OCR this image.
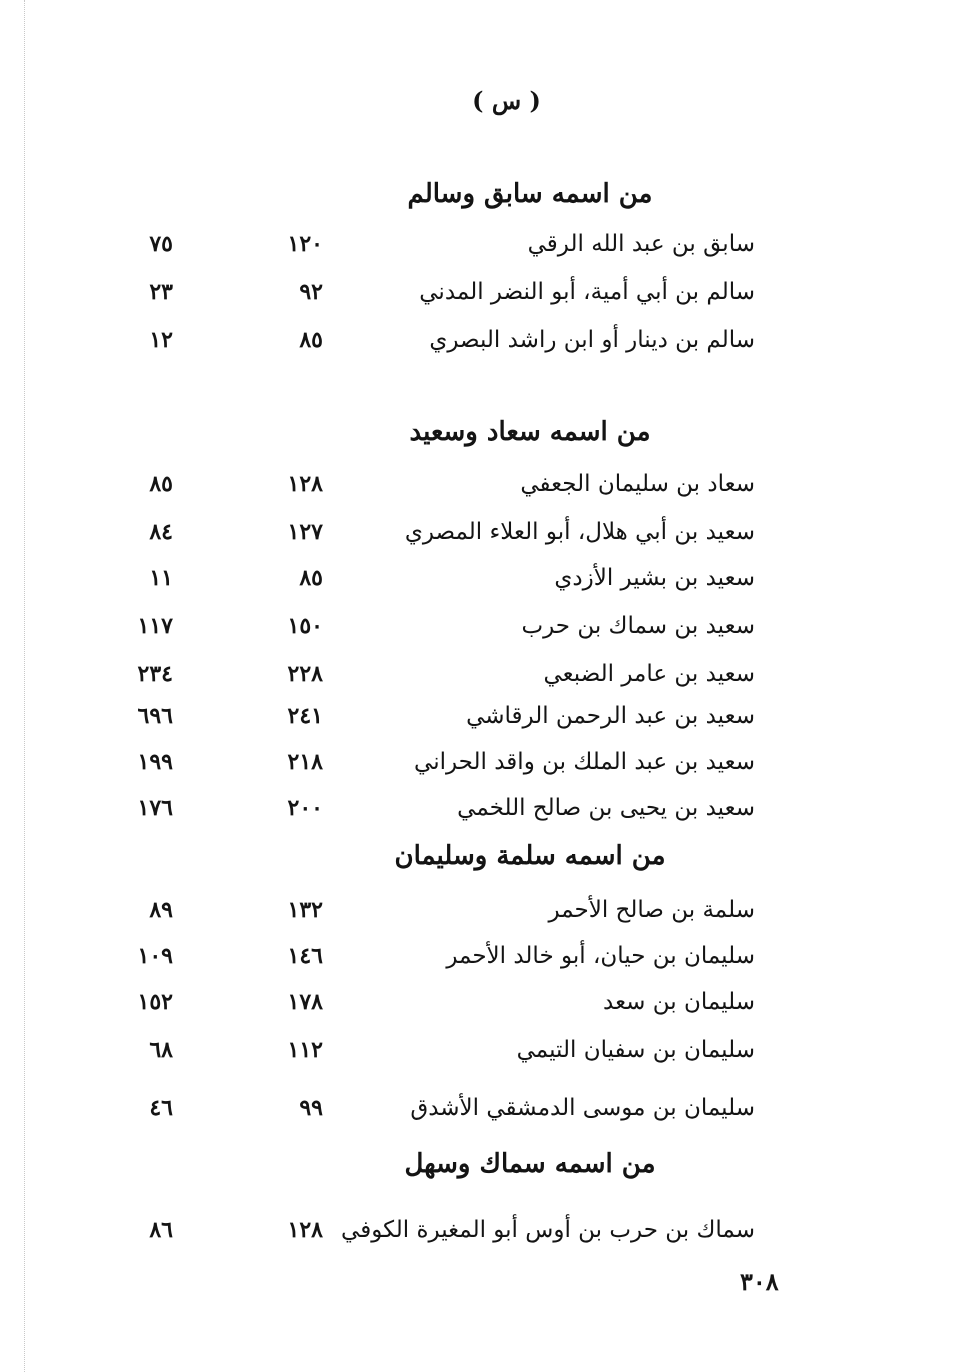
( س )
من اسمه سابق وسالم
سابق بن عبد الله الرقي
١٢٠
٧٥
سالم بن أبي أمية، أبو النضر المدني
٩٢
٢٣
سالم بن دينار أو ابن راشد البصري
٨٥
١٢
من اسمه سعاد وسعيد
سعاد بن سليمان الجعفي
١٢٨
٨٥
سعيد بن أبي هلال، أبو العلاء المصري
١٢٧
٨٤
سعيد بن بشير الأزدي
٨٥
١١
سعيد بن سماك بن حرب
١٥٠
١١٧
سعيد بن عامر الضبعي
٢٢٨
٢٣٤
سعيد بن عبد الرحمن الرقاشي
٢٤١
٦٩٦
سعيد بن عبد الملك بن واقد الحراني
٢١٨
١٩٩
سعيد بن يحيى بن صالح اللخمي
٢٠٠
١٧٦
من اسمه سلمة وسليمان
سلمة بن صالح الأحمر
١٣٢
٨٩
سليمان بن حيان، أبو خالد الأحمر
١٤٦
١٠٩
سليمان بن سعد
١٧٨
١٥٢
سليمان بن سفيان التيمي
١١٢
٦٨
سليمان بن موسى الدمشقي الأشدق
٩٩
٤٦
من اسمه سماك وسهل
سماك بن حرب بن أوس أبو المغيرة الكوفي
١٢٨
٨٦
٣٠٨
